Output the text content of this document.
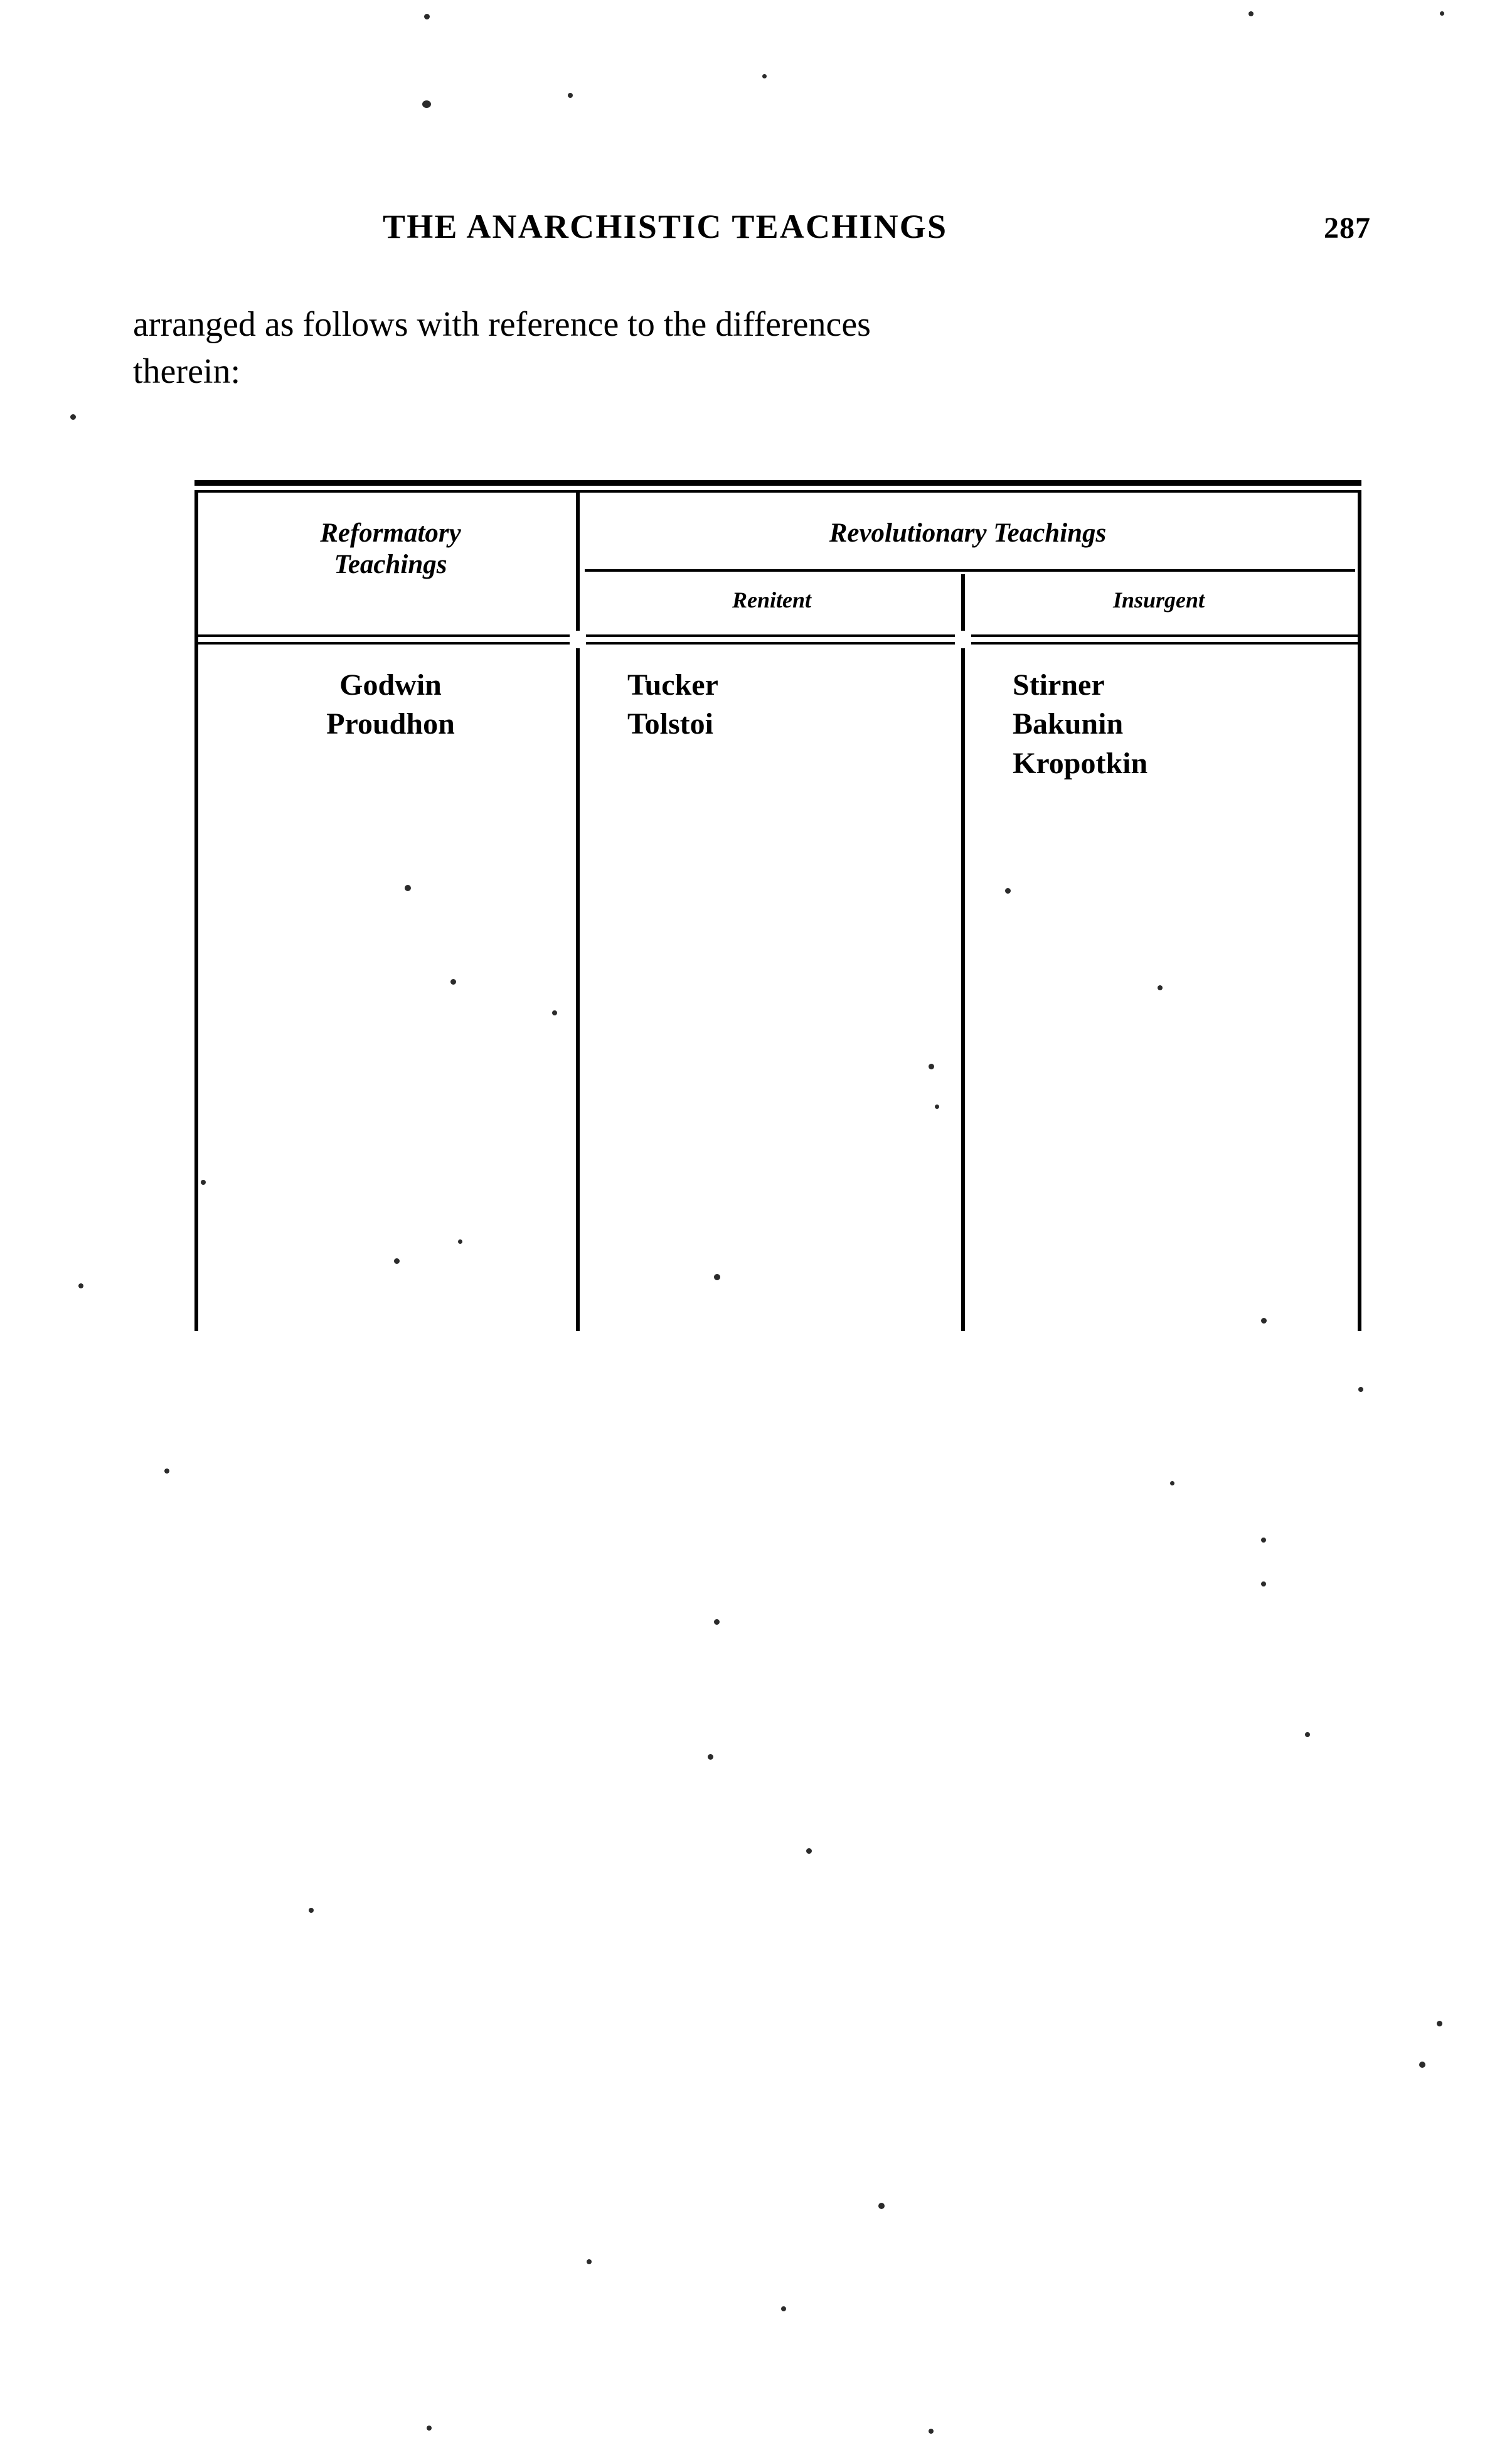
THE ANARCHISTIC TEACHINGS	287
arranged as follows with reference to the differences
therein:
Reformatory
Teachings
Revolutionary Teachings
Renitent	Insurgent
Godwin
Proudhon
Tucker
Tolstoi
Stirner
Bakunin
Kropotkin
